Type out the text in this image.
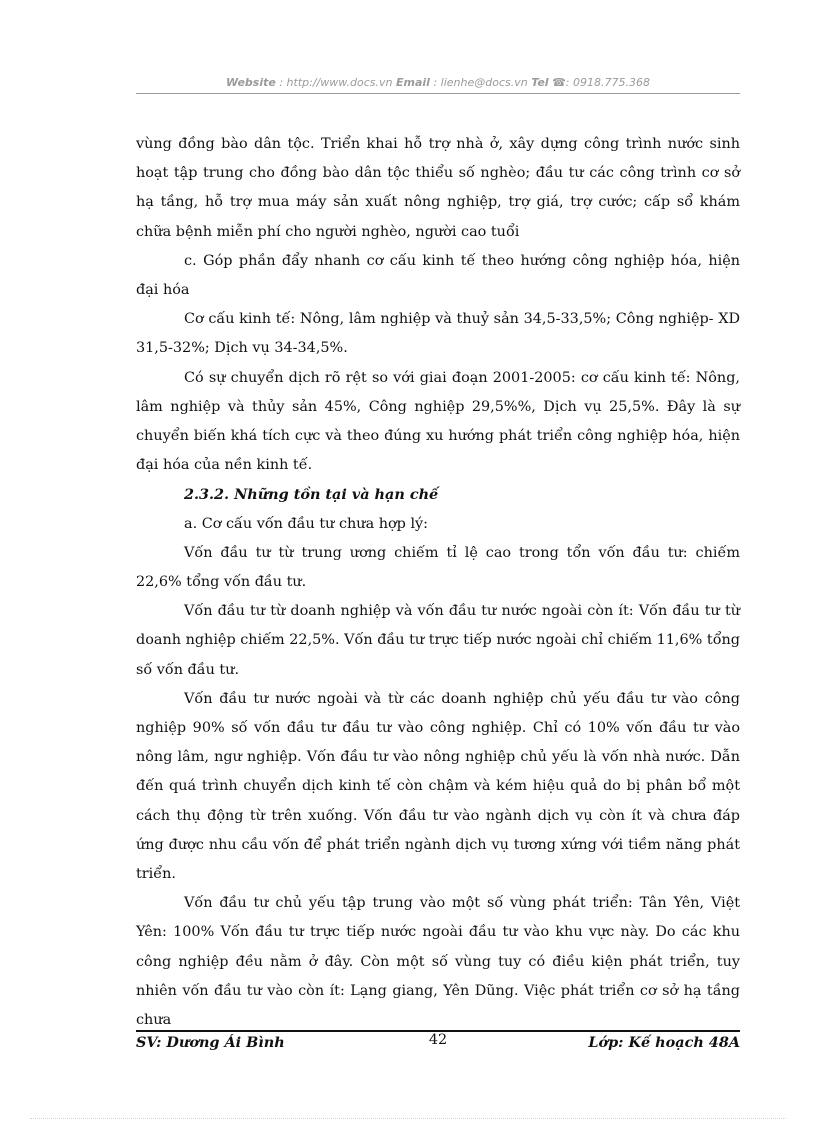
Website : http://www.docs.vn Email : lienhe@docs.vn Tel ☎: 0918.775.368

vùng đồng bào dân tộc. Triển khai hỗ trợ nhà ở, xây dựng công trình nước sinh hoạt tập trung cho đồng bào dân tộc thiểu số nghèo; đầu tư các công trình cơ sở hạ tầng, hỗ trợ mua máy sản xuất nông nghiệp, trợ giá, trợ cước; cấp sổ khám chữa bệnh miễn phí cho người nghèo, người cao tuổi

c. Góp phần đẩy nhanh cơ cấu kinh tế theo hướng công nghiệp hóa, hiện đại hóa

Cơ cấu kinh tế: Nông, lâm nghiệp và thuỷ sản 34,5-33,5%; Công nghiệp- XD 31,5-32%; Dịch vụ 34-34,5%.

Có sự chuyển dịch rõ rệt so với giai đoạn 2001-2005: cơ cấu kinh tế: Nông, lâm nghiệp và thủy sản 45%, Công nghiệp 29,5%%, Dịch vụ 25,5%. Đây là sự chuyển biến khá tích cực và theo đúng xu hướng phát triển công nghiệp hóa, hiện đại hóa của nền kinh tế.

2.3.2. Những tồn tại và hạn chế

a. Cơ cấu vốn đầu tư chưa hợp lý:

Vốn đầu tư từ trung ương chiếm tỉ lệ cao trong tổn vốn đầu tư: chiếm 22,6% tổng vốn đầu tư.

Vốn đầu tư từ doanh nghiệp và vốn đầu tư nước ngoài còn ít: Vốn đầu tư từ doanh nghiệp chiếm 22,5%. Vốn đầu tư trực tiếp nước ngoài chỉ chiếm 11,6% tổng số vốn đầu tư.

Vốn đầu tư nước ngoài và từ các doanh nghiệp chủ yếu đầu tư vào công nghiệp 90% số vốn đầu tư đầu tư vào công nghiệp. Chỉ có 10% vốn đầu tư vào nông lâm, ngư nghiệp. Vốn đầu tư vào nông nghiệp chủ yếu là vốn nhà nước. Dẫn đến quá trình chuyển dịch kinh tế còn chậm và kém hiệu quả do bị phân bổ một cách thụ động từ trên xuống. Vốn đầu tư vào ngành dịch vụ còn ít và chưa đáp ứng được nhu cầu vốn để phát triển ngành dịch vụ tương xứng với tiềm năng phát triển.

Vốn đầu tư chủ yếu tập trung vào một số vùng phát triển: Tân Yên, Việt Yên: 100% Vốn đầu tư trực tiếp nước ngoài đầu tư vào khu vực này. Do các khu công nghiệp đều nằm ở đây. Còn một số vùng tuy có điều kiện phát triển, tuy nhiên vốn đầu tư vào còn ít: Lạng giang, Yên Dũng. Việc phát triển cơ sở hạ tầng chưa

SV: Dương Ái Bình	42	Lớp: Kế hoạch 48A
